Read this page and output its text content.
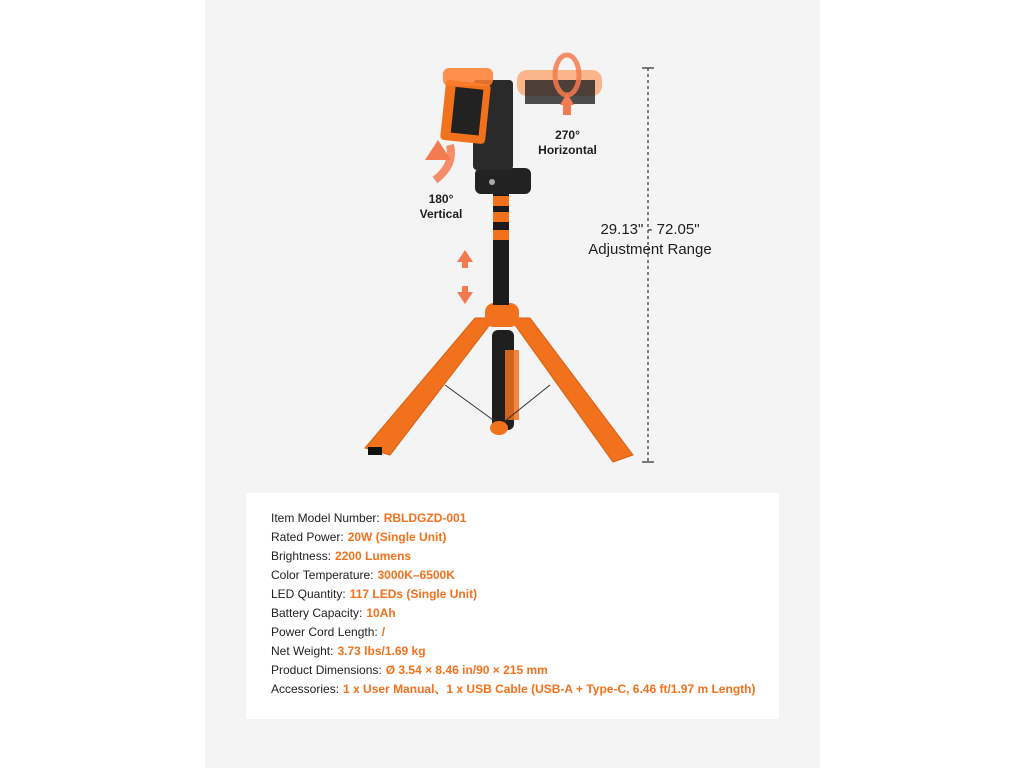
270°
Horizontal
180°
Vertical
29.13" - 72.05"
Adjustment Range
Item Model Number: RBLDGZD-001
Rated Power: 20W (Single Unit)
Brightness: 2200 Lumens
Color Temperature: 3000K–6500K
LED Quantity: 117 LEDs (Single Unit)
Battery Capacity: 10Ah
Power Cord Length: /
Net Weight: 3.73 lbs/1.69 kg
Product Dimensions: Ø 3.54 × 8.46 in/90 × 215 mm
Accessories: 1 x User Manual、1 x USB Cable (USB-A + Type-C, 6.46 ft/1.97 m Length)
